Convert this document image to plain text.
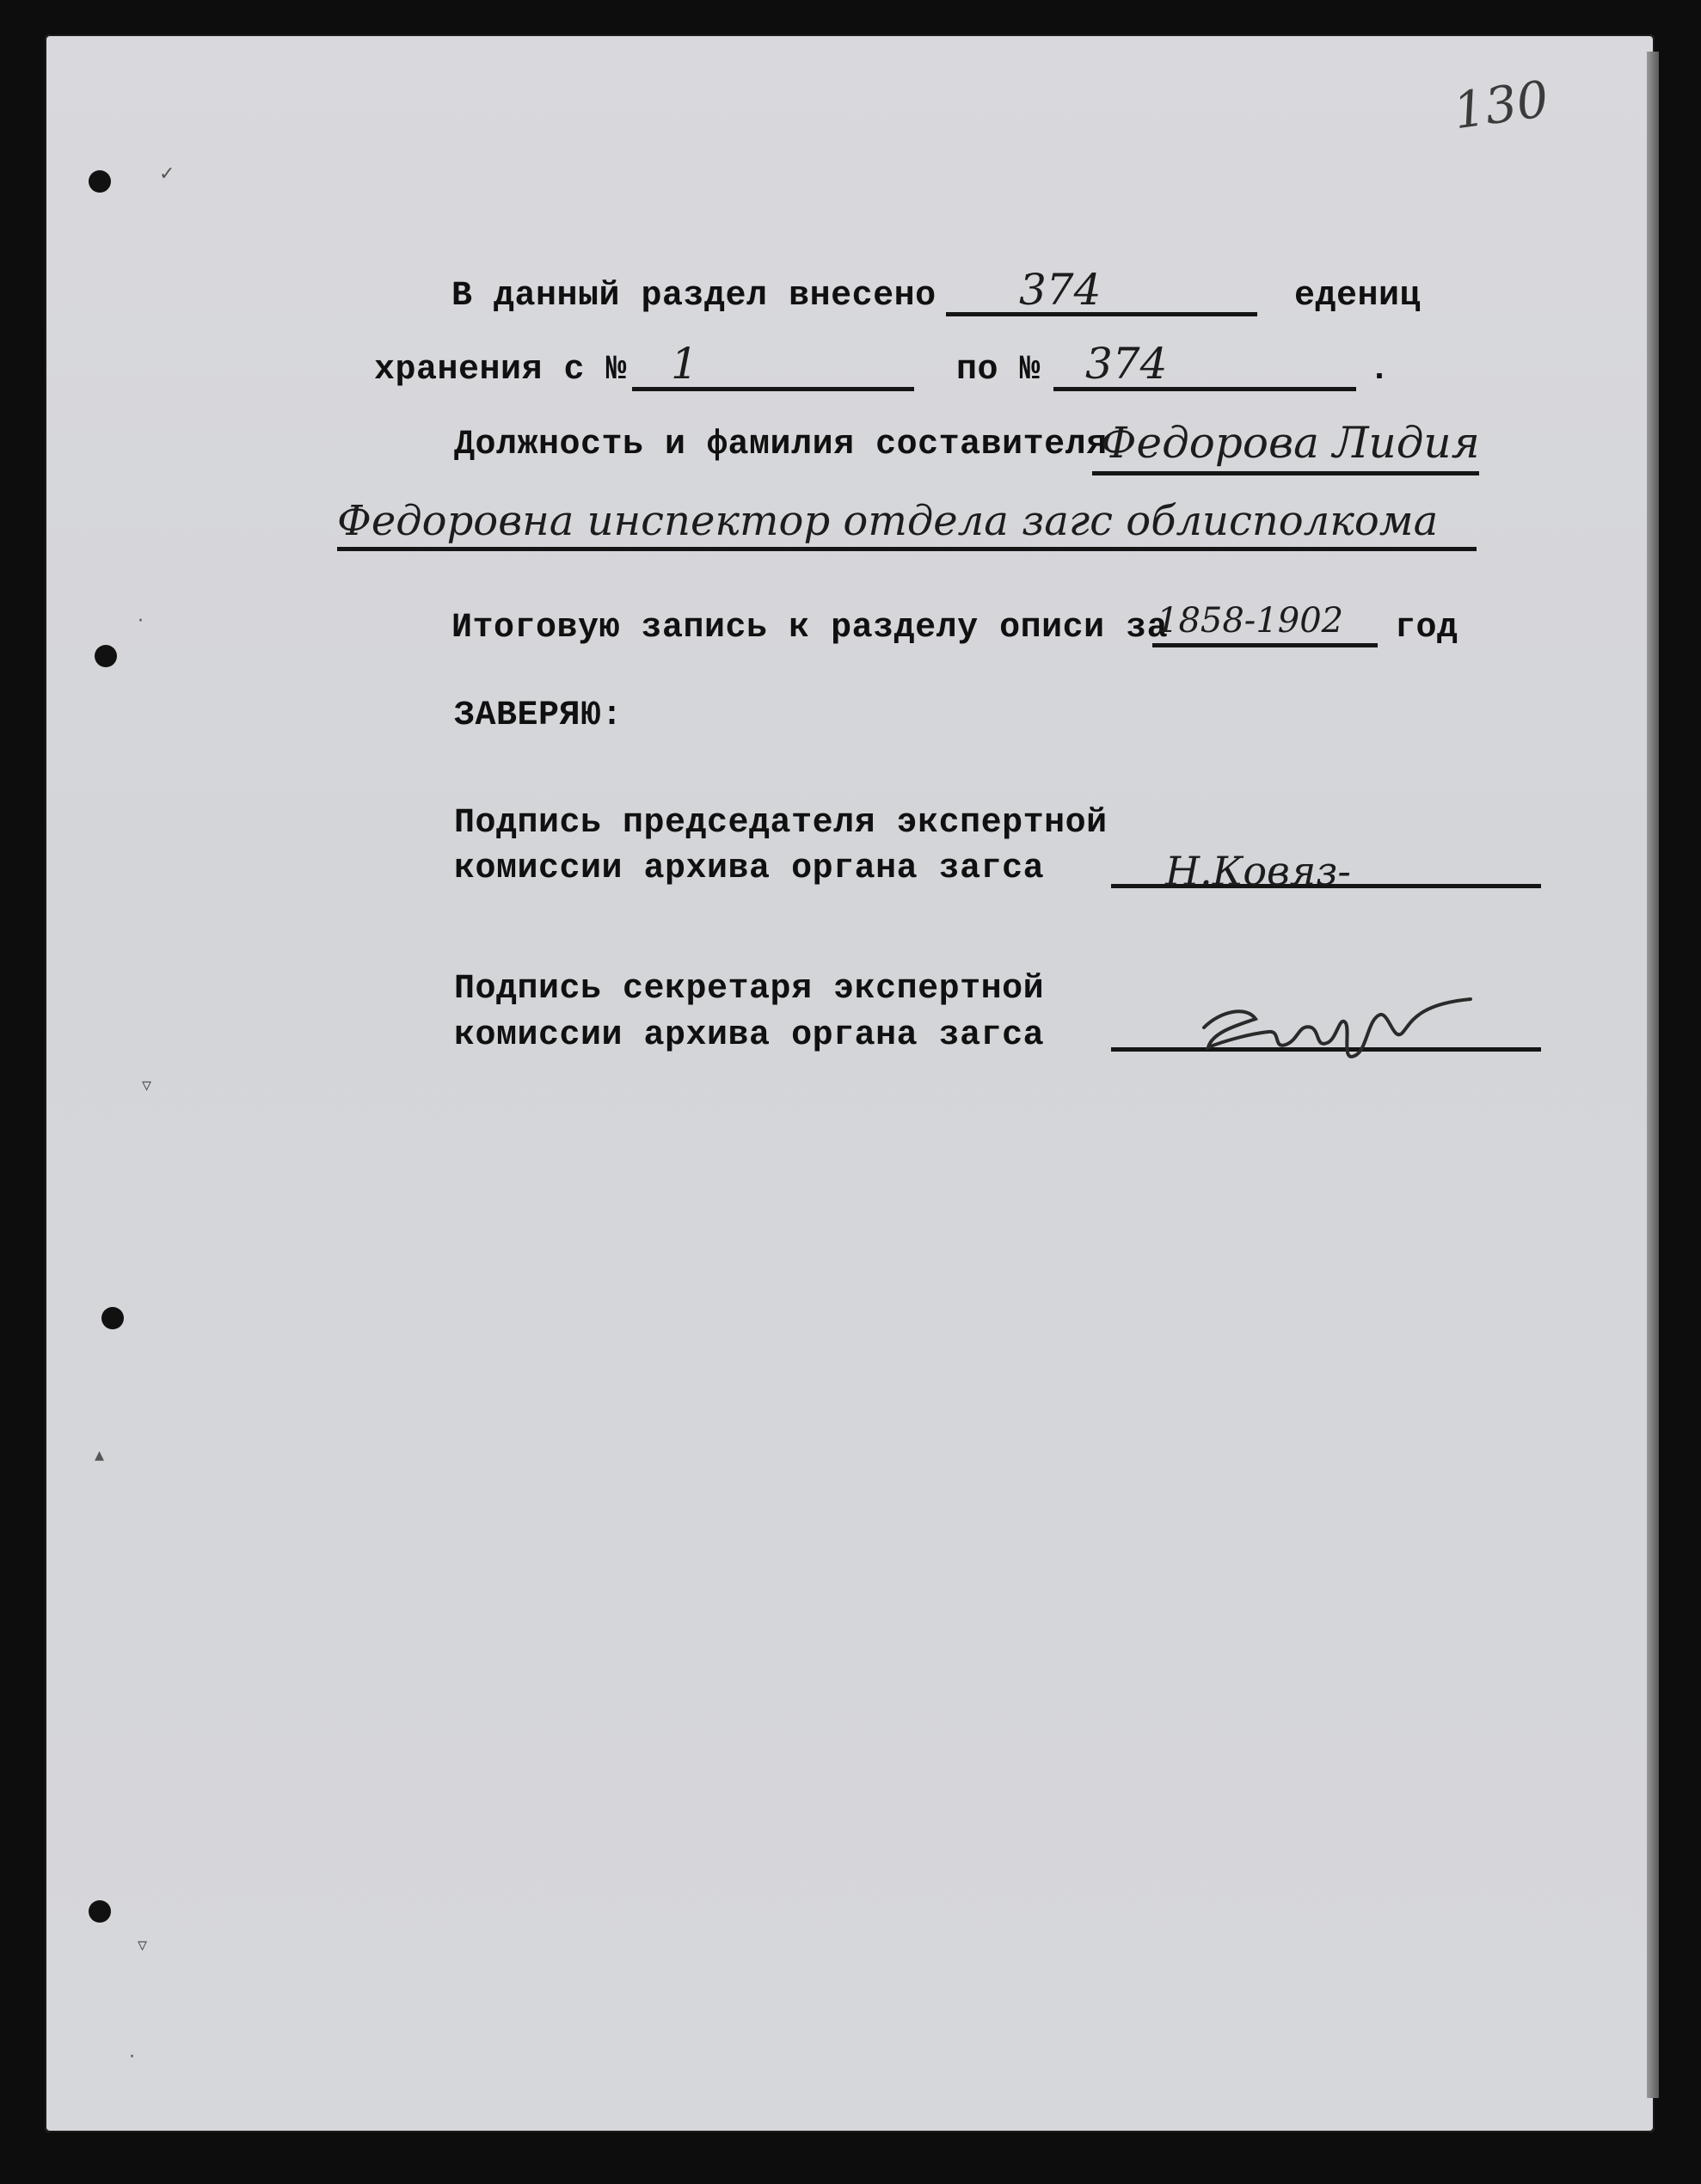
✓
·
▿
▴
▿
·
130
В данный раздел внесено 374	едениц
хранения с № 1	по № 374	.
Должность и фамилия составителя
Федорова Лидия
Федоровна инспектор отдела загс облисполкома
Итоговую запись к разделу описи за
1858-1902 год
ЗАВЕРЯЮ:
Подпись председателя экспертной
комиссии архива органа загса	Н.Ковяз-
Подпись секретаря экспертной
комиссии архива органа загса
